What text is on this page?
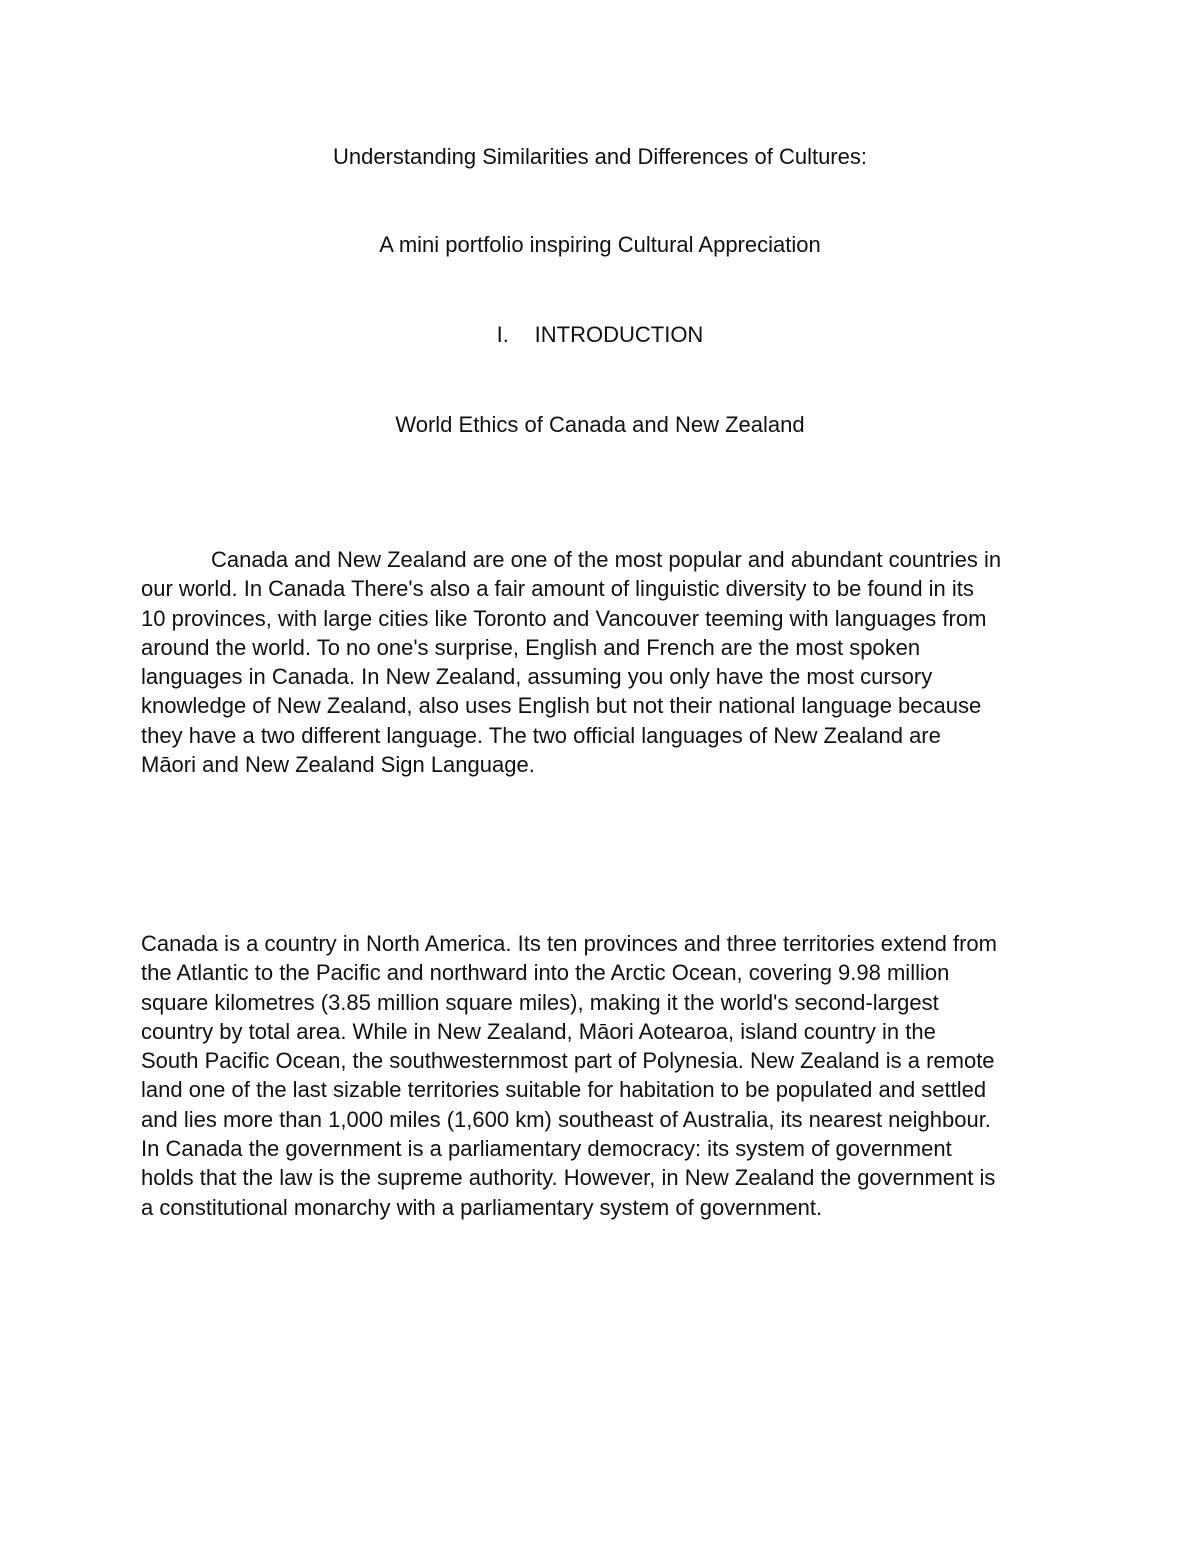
Understanding Similarities and Differences of Cultures:
A mini portfolio inspiring Cultural Appreciation
I. INTRODUCTION
World Ethics of Canada and New Zealand
Canada and New Zealand are one of the most popular and abundant countries in
our world. In Canada There's also a fair amount of linguistic diversity to be found in its
10 provinces, with large cities like Toronto and Vancouver teeming with languages from
around the world. To no one's surprise, English and French are the most spoken
languages in Canada. In New Zealand, assuming you only have the most cursory
knowledge of New Zealand, also uses English but not their national language because
they have a two different language. The two official languages of New Zealand are
Māori and New Zealand Sign Language.
Canada is a country in North America. Its ten provinces and three territories extend from
the Atlantic to the Pacific and northward into the Arctic Ocean, covering 9.98 million
square kilometres (3.85 million square miles), making it the world's second-largest
country by total area. While in New Zealand, Māori Aotearoa, island country in the
South Pacific Ocean, the southwesternmost part of Polynesia. New Zealand is a remote
land one of the last sizable territories suitable for habitation to be populated and settled
and lies more than 1,000 miles (1,600 km) southeast of Australia, its nearest neighbour.
In Canada the government is a parliamentary democracy: its system of government
holds that the law is the supreme authority. However, in New Zealand the government is
a constitutional monarchy with a parliamentary system of government.
